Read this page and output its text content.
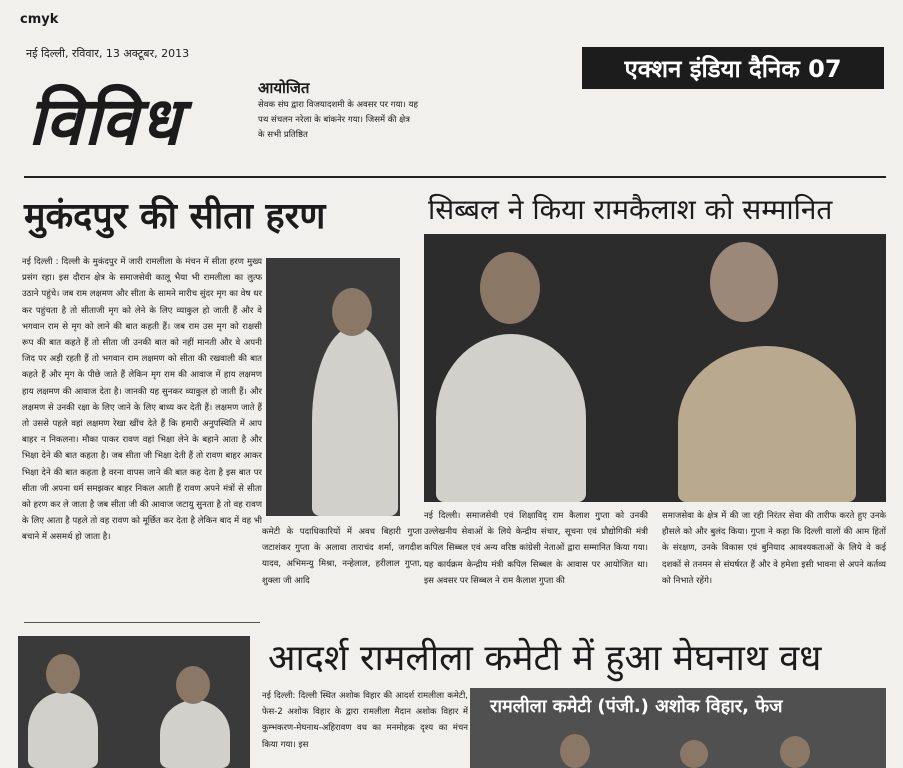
cmyk
नई दिल्ली, रविवार, 13 अक्टूबर, 2013
एक्शन इंडिया दैनिक 07
विविध	आयोजित
सेवक संघ द्वारा विजयादशमी के अवसर पर गया। यह पथ संचलन नरेला के बांकनेर गया। जिसमें की क्षेत्र के सभी प्रतिष्ठित
मुकंदपुर की सीता हरण
नई दिल्ली : दिल्ली के मुकंदपुर में जारी रामलीला के मंचन में सीता हरण मुख्य प्रसंग रहा। इस दौरान क्षेत्र के समाजसेवी कालू भैया भी रामलीला का लुत्फ उठाने पहुंचे। जब राम लक्षमण और सीता के सामने मारीच सुंदर मृग का वेष धर कर पहुंचता है तो सीताजी मृग को लेने के लिए व्याकुल हो जाती हैं और वे भगवान राम से मृग को लाने की बात कहती हैं। जब राम उस मृग को राक्षसी रूप की बात कहते हैं तो सीता जी उनकी बात को नहीं मानती और वे अपनी जिद पर अड़ी रहती हैं तो भगवान राम लक्षमण को सीता की रखवाली की बात कहते हैं और मृग के पीछे जाते हैं लेकिन मृग राम की आवाज में हाय लक्षमण हाय लक्षमण की आवाज देता है। जानकी यह सुनकर व्याकुल हो जाती हैं। और लक्षमण से उनकी रक्षा के लिए जाने के लिए बाध्य कर देती हैं। लक्षमण जाते हैं तो उससे पहले वहां लक्षमण रेखा खींच देते हैं कि हमारी अनुपस्थिति में आप बाहर न निकलना। मौका पाकर रावण वहां भिक्षा लेने के बहाने आता है और भिक्षा देने की बात कहता है। जब सीता जी भिक्षा देती हैं तो रावण बाहर आकर भिक्षा देने की बात कहता है वरना वापस जाने की बात कह देता है इस बात पर सीता जी अपना धर्म समझकर बाहर निकल आती हैं रावण अपने मंत्रों से सीता को हरण कर ले जाता है जब सीता जी की आवाज जटायु सुनता है तो वह रावण के लिए आता है पहले तो वह रावण को मूर्छित कर देता है लेकिन बाद में वह भी बचाने में असमर्थ हो जाता है।
सिब्बल ने किया रामकैलाश को सम्मानित
नई दिल्ली। समाजसेवी एवं शिक्षाविद् राम कैलाश गुप्ता को उनकी उल्लेखनीय सेवाओं के लिये केन्द्रीय संचार, सूचना एवं प्रौद्योगिकी मंत्री कपिल सिब्बल एवं अन्य वरिष्ठ कांग्रेसी नेताओं द्वारा सम्मानित किया गया। यह कार्यक्रम केन्द्रीय मंत्री कपिल सिब्बल के आवास पर आयोजित था। इस अवसर पर सिब्बल ने राम कैलाश गुप्ता की
समाजसेवा के क्षेत्र में की जा रही निरंतर सेवा की तारीफ करते हुए उनके हौसले को और बुलंद किया। गुप्ता ने कहा कि दिल्ली वालों की आम हितों के संरक्षण, उनके विकास एवं बुनियाद आवश्यकताओं के लिये वे कई दशकों से तनमन से संघर्षरत हैं और वे हमेशा इसी भावना से अपने कर्तव्य को निभाते रहेंगे।
कमेटी के पदाधिकारियों में अवध बिहारी गुप्ता जटाशंकर गुप्ता के अलावा ताराचंद शर्मा, जगदीश यादव, अभिमन्यु मिश्रा, नन्हेलाल, हरीलाल गुप्ता, शुक्ला जी आदि
आदर्श रामलीला कमेटी में हुआ मेघनाथ वध
नई दिल्ली: दिल्ली स्थित अशोक विहार की आदर्श रामलीला कमेटी, फेस-2 अशोक विहार के द्वारा रामलीला मैदान अशोक विहार में कुम्भकरण-मेघनाथ-अहिरावण वध का मनमोहक दृश्य का मंचन किया गया। इस
रामलीला कमेटी (पंजी.) अशोक विहार, फेज
